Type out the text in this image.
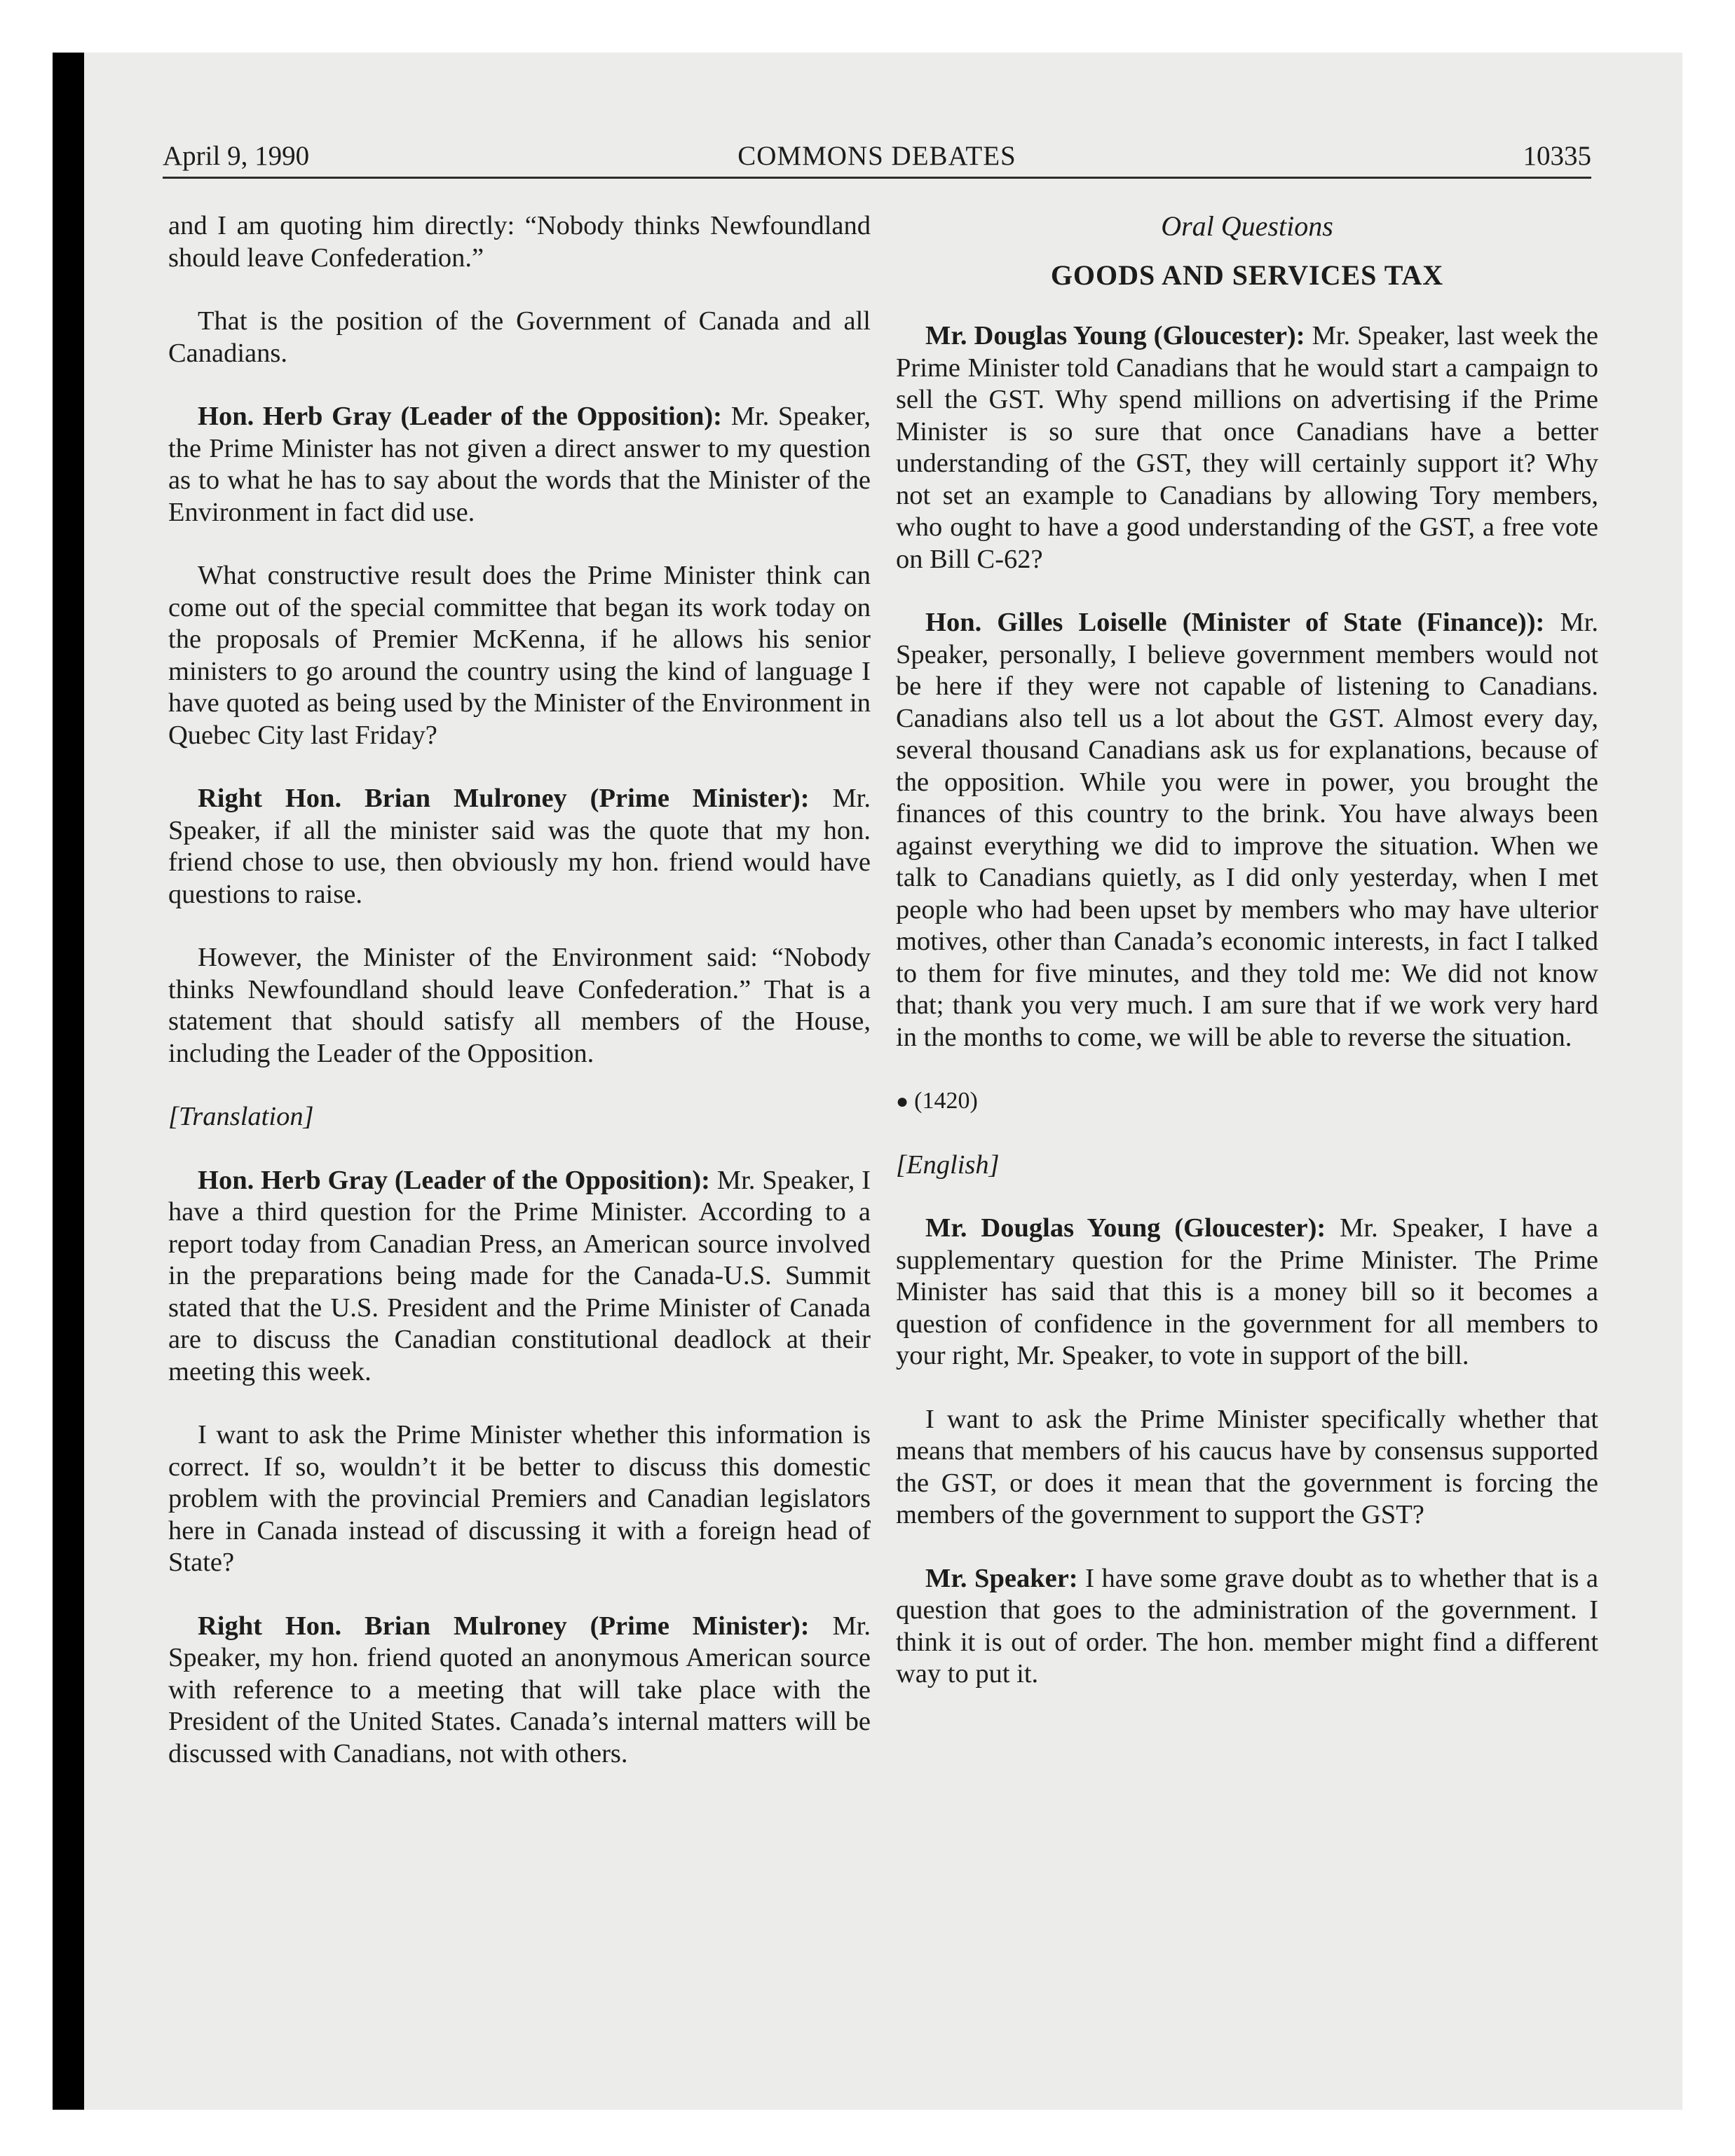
April 9, 1990	COMMONS DEBATES	10335

and I am quoting him directly: “Nobody thinks Newfoundland should leave Confederation.”

That is the position of the Government of Canada and all Canadians.

Hon. Herb Gray (Leader of the Opposition): Mr. Speaker, the Prime Minister has not given a direct answer to my question as to what he has to say about the words that the Minister of the Environment in fact did use.

What constructive result does the Prime Minister think can come out of the special committee that began its work today on the proposals of Premier McKenna, if he allows his senior ministers to go around the country using the kind of language I have quoted as being used by the Minister of the Environment in Quebec City last Friday?

Right Hon. Brian Mulroney (Prime Minister): Mr. Speaker, if all the minister said was the quote that my hon. friend chose to use, then obviously my hon. friend would have questions to raise.

However, the Minister of the Environment said: “Nobody thinks Newfoundland should leave Confederation.” That is a statement that should satisfy all members of the House, including the Leader of the Opposition.

[Translation]

Hon. Herb Gray (Leader of the Opposition): Mr. Speaker, I have a third question for the Prime Minister. According to a report today from Canadian Press, an American source involved in the preparations being made for the Canada-U.S. Summit stated that the U.S. President and the Prime Minister of Canada are to discuss the Canadian constitutional deadlock at their meeting this week.

I want to ask the Prime Minister whether this information is correct. If so, wouldn’t it be better to discuss this domestic problem with the provincial Premiers and Canadian legislators here in Canada instead of discussing it with a foreign head of State?

Right Hon. Brian Mulroney (Prime Minister): Mr. Speaker, my hon. friend quoted an anonymous American source with reference to a meeting that will take place with the President of the United States. Canada’s internal matters will be discussed with Canadians, not with others.

Oral Questions
GOODS AND SERVICES TAX

Mr. Douglas Young (Gloucester): Mr. Speaker, last week the Prime Minister told Canadians that he would start a campaign to sell the GST. Why spend millions on advertising if the Prime Minister is so sure that once Canadians have a better understanding of the GST, they will certainly support it? Why not set an example to Canadians by allowing Tory members, who ought to have a good understanding of the GST, a free vote on Bill C-62?

Hon. Gilles Loiselle (Minister of State (Finance)): Mr. Speaker, personally, I believe government members would not be here if they were not capable of listening to Canadians. Canadians also tell us a lot about the GST. Almost every day, several thousand Canadians ask us for explanations, because of the opposition. While you were in power, you brought the finances of this country to the brink. You have always been against everything we did to improve the situation. When we talk to Canadians quietly, as I did only yesterday, when I met people who had been upset by members who may have ulterior motives, other than Canada’s economic interests, in fact I talked to them for five minutes, and they told me: We did not know that; thank you very much. I am sure that if we work very hard in the months to come, we will be able to reverse the situation.

● (1420)
[English]

Mr. Douglas Young (Gloucester): Mr. Speaker, I have a supplementary question for the Prime Minister. The Prime Minister has said that this is a money bill so it becomes a question of confidence in the government for all members to your right, Mr. Speaker, to vote in support of the bill.

I want to ask the Prime Minister specifically whether that means that members of his caucus have by consensus supported the GST, or does it mean that the government is forcing the members of the government to support the GST?

Mr. Speaker: I have some grave doubt as to whether that is a question that goes to the administration of the government. I think it is out of order. The hon. member might find a different way to put it.
